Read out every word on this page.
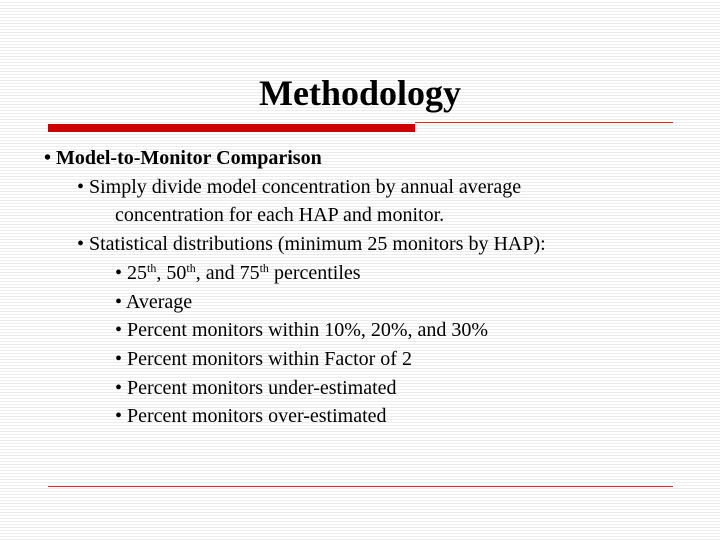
Methodology
• Model-to-Monitor Comparison
• Simply divide model concentration by annual average
concentration for each HAP and monitor.
• Statistical distributions (minimum 25 monitors by HAP):
• 25th, 50th, and 75th percentiles
• Average
• Percent monitors within 10%, 20%, and 30%
• Percent monitors within Factor of 2
• Percent monitors under-estimated
• Percent monitors over-estimated
